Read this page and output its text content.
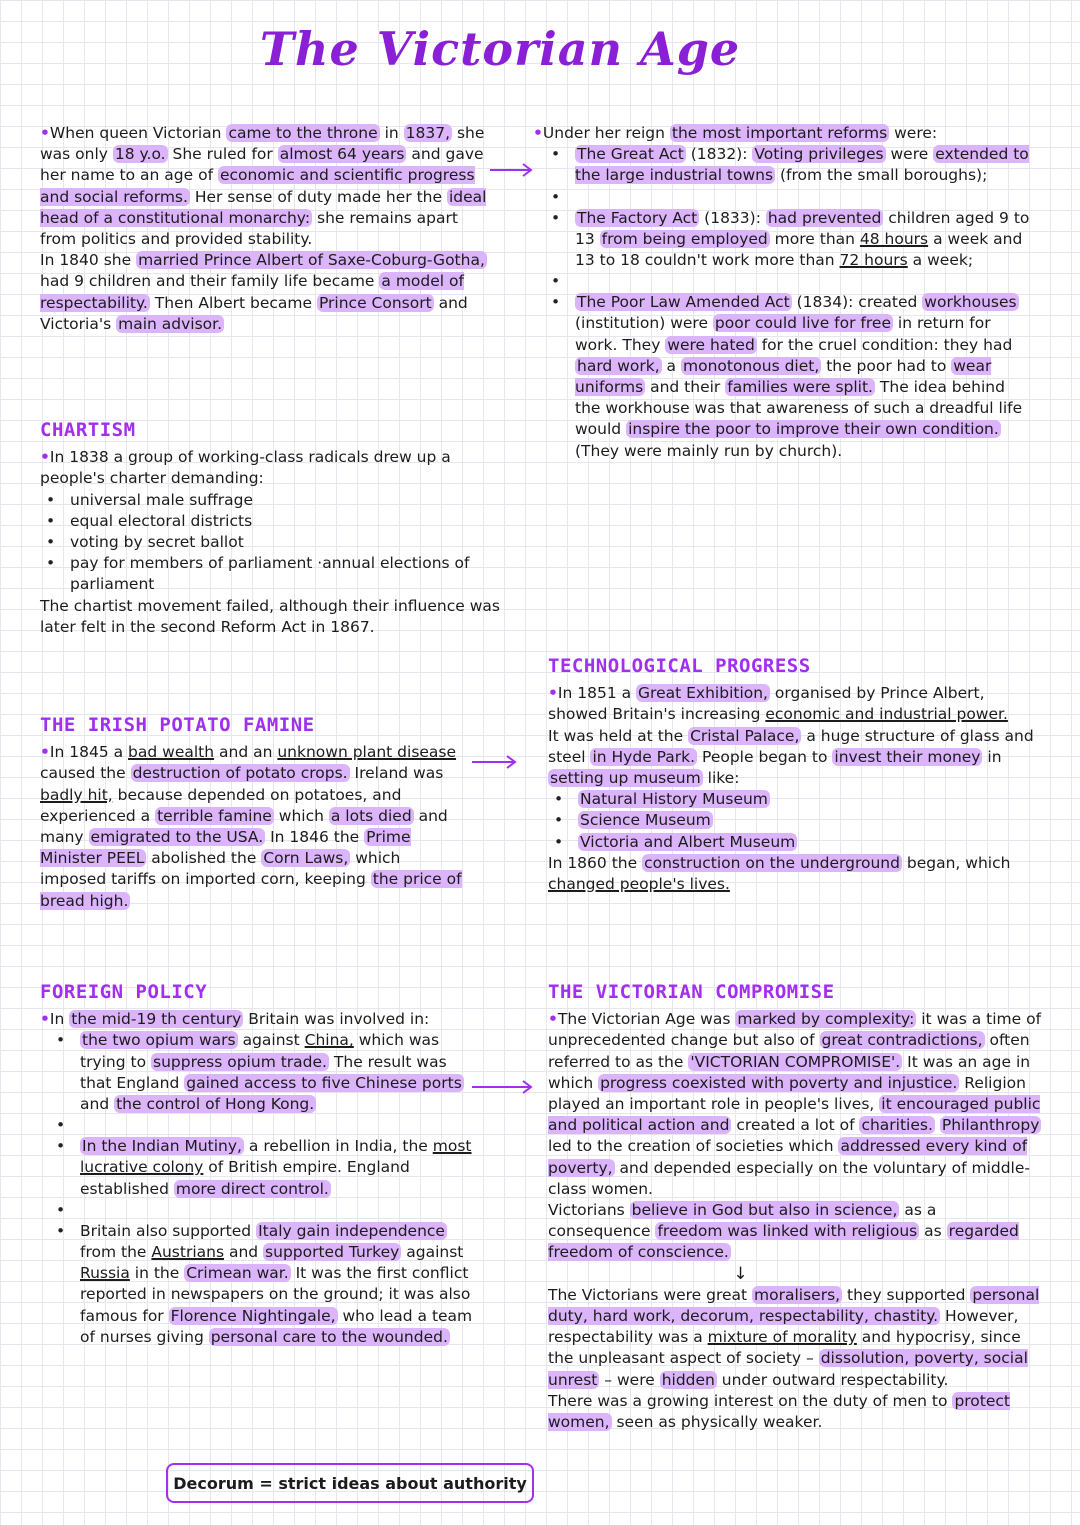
The Victorian Age

•When queen Victorian came to the throne in 1837, she was only 18 y.o. She ruled for almost 64 years and gave her name to an age of economic and scientific progress and social reforms. Her sense of duty made her the ideal head of a constitutional monarchy: she remains apart from politics and provided stability.

In 1840 she married Prince Albert of Saxe-Coburg-Gotha, had 9 children and their family life became a model of respectability. Then Albert became Prince Consort and Victoria's main advisor.

•Under her reign the most important reforms were:

• The Great Act (1832): Voting privileges were extended to the large industrial towns (from the small boroughs);
•
• The Factory Act (1833): had prevented children aged 9 to 13 from being employed more than 48 hours a week and 13 to 18 couldn't work more than 72 hours a week;
•
• The Poor Law Amended Act (1834): created workhouses (institution) were poor could live for free in return for work. They were hated for the cruel condition: they had hard work, a monotonous diet, the poor had to wear uniforms and their families were split. The idea behind the workhouse was that awareness of such a dreadful life would inspire the poor to improve their own condition. (They were mainly run by church).

CHARTISM

•In 1838 a group of working-class radicals drew up a people's charter demanding:

• universal male suffrage
• equal electoral districts
• voting by secret ballot
• pay for members of parliament ·annual elections of parliament

The chartist movement failed, although their influence was later felt in the second Reform Act in 1867.

THE IRISH POTATO FAMINE

•In 1845 a bad wealth and an unknown plant disease caused the destruction of potato crops. Ireland was badly hit, because depended on potatoes, and experienced a terrible famine which a lots died and many emigrated to the USA. In 1846 the Prime Minister PEEL abolished the Corn Laws, which imposed tariffs on imported corn, keeping the price of bread high.

TECHNOLOGICAL PROGRESS

•In 1851 a Great Exhibition, organised by Prince Albert, showed Britain's increasing economic and industrial power.

It was held at the Cristal Palace, a huge structure of glass and steel in Hyde Park. People began to invest their money in setting up museum like:

• Natural History Museum
• Science Museum
• Victoria and Albert Museum

In 1860 the construction on the underground began, which changed people's lives.

FOREIGN POLICY

•In the mid-19 th century Britain was involved in:

• the two opium wars against China, which was trying to suppress opium trade. The result was that England gained access to five Chinese ports and the control of Hong Kong.
•
• In the Indian Mutiny, a rebellion in India, the most lucrative colony of British empire. England established more direct control.
•
• Britain also supported Italy gain independence from the Austrians and supported Turkey against Russia in the Crimean war. It was the first conflict reported in newspapers on the ground; it was also famous for Florence Nightingale, who lead a team of nurses giving personal care to the wounded.

THE VICTORIAN COMPROMISE

•The Victorian Age was marked by complexity: it was a time of unprecedented change but also of great contradictions, often referred to as the 'VICTORIAN COMPROMISE'. It was an age in which progress coexisted with poverty and injustice. Religion played an important role in people's lives, it encouraged public and political action and created a lot of charities. Philanthropy led to the creation of societies which addressed every kind of poverty, and depended especially on the voluntary of middle-class women.

Victorians believe in God but also in science, as a consequence freedom was linked with religious as regarded freedom of conscience.

↓

The Victorians were great moralisers, they supported personal duty, hard work, decorum, respectability, chastity. However, respectability was a mixture of morality and hypocrisy, since the unpleasant aspect of society – dissolution, poverty, social unrest – were hidden under outward respectability.

There was a growing interest on the duty of men to protect women, seen as physically weaker.

Decorum = strict ideas about authority
